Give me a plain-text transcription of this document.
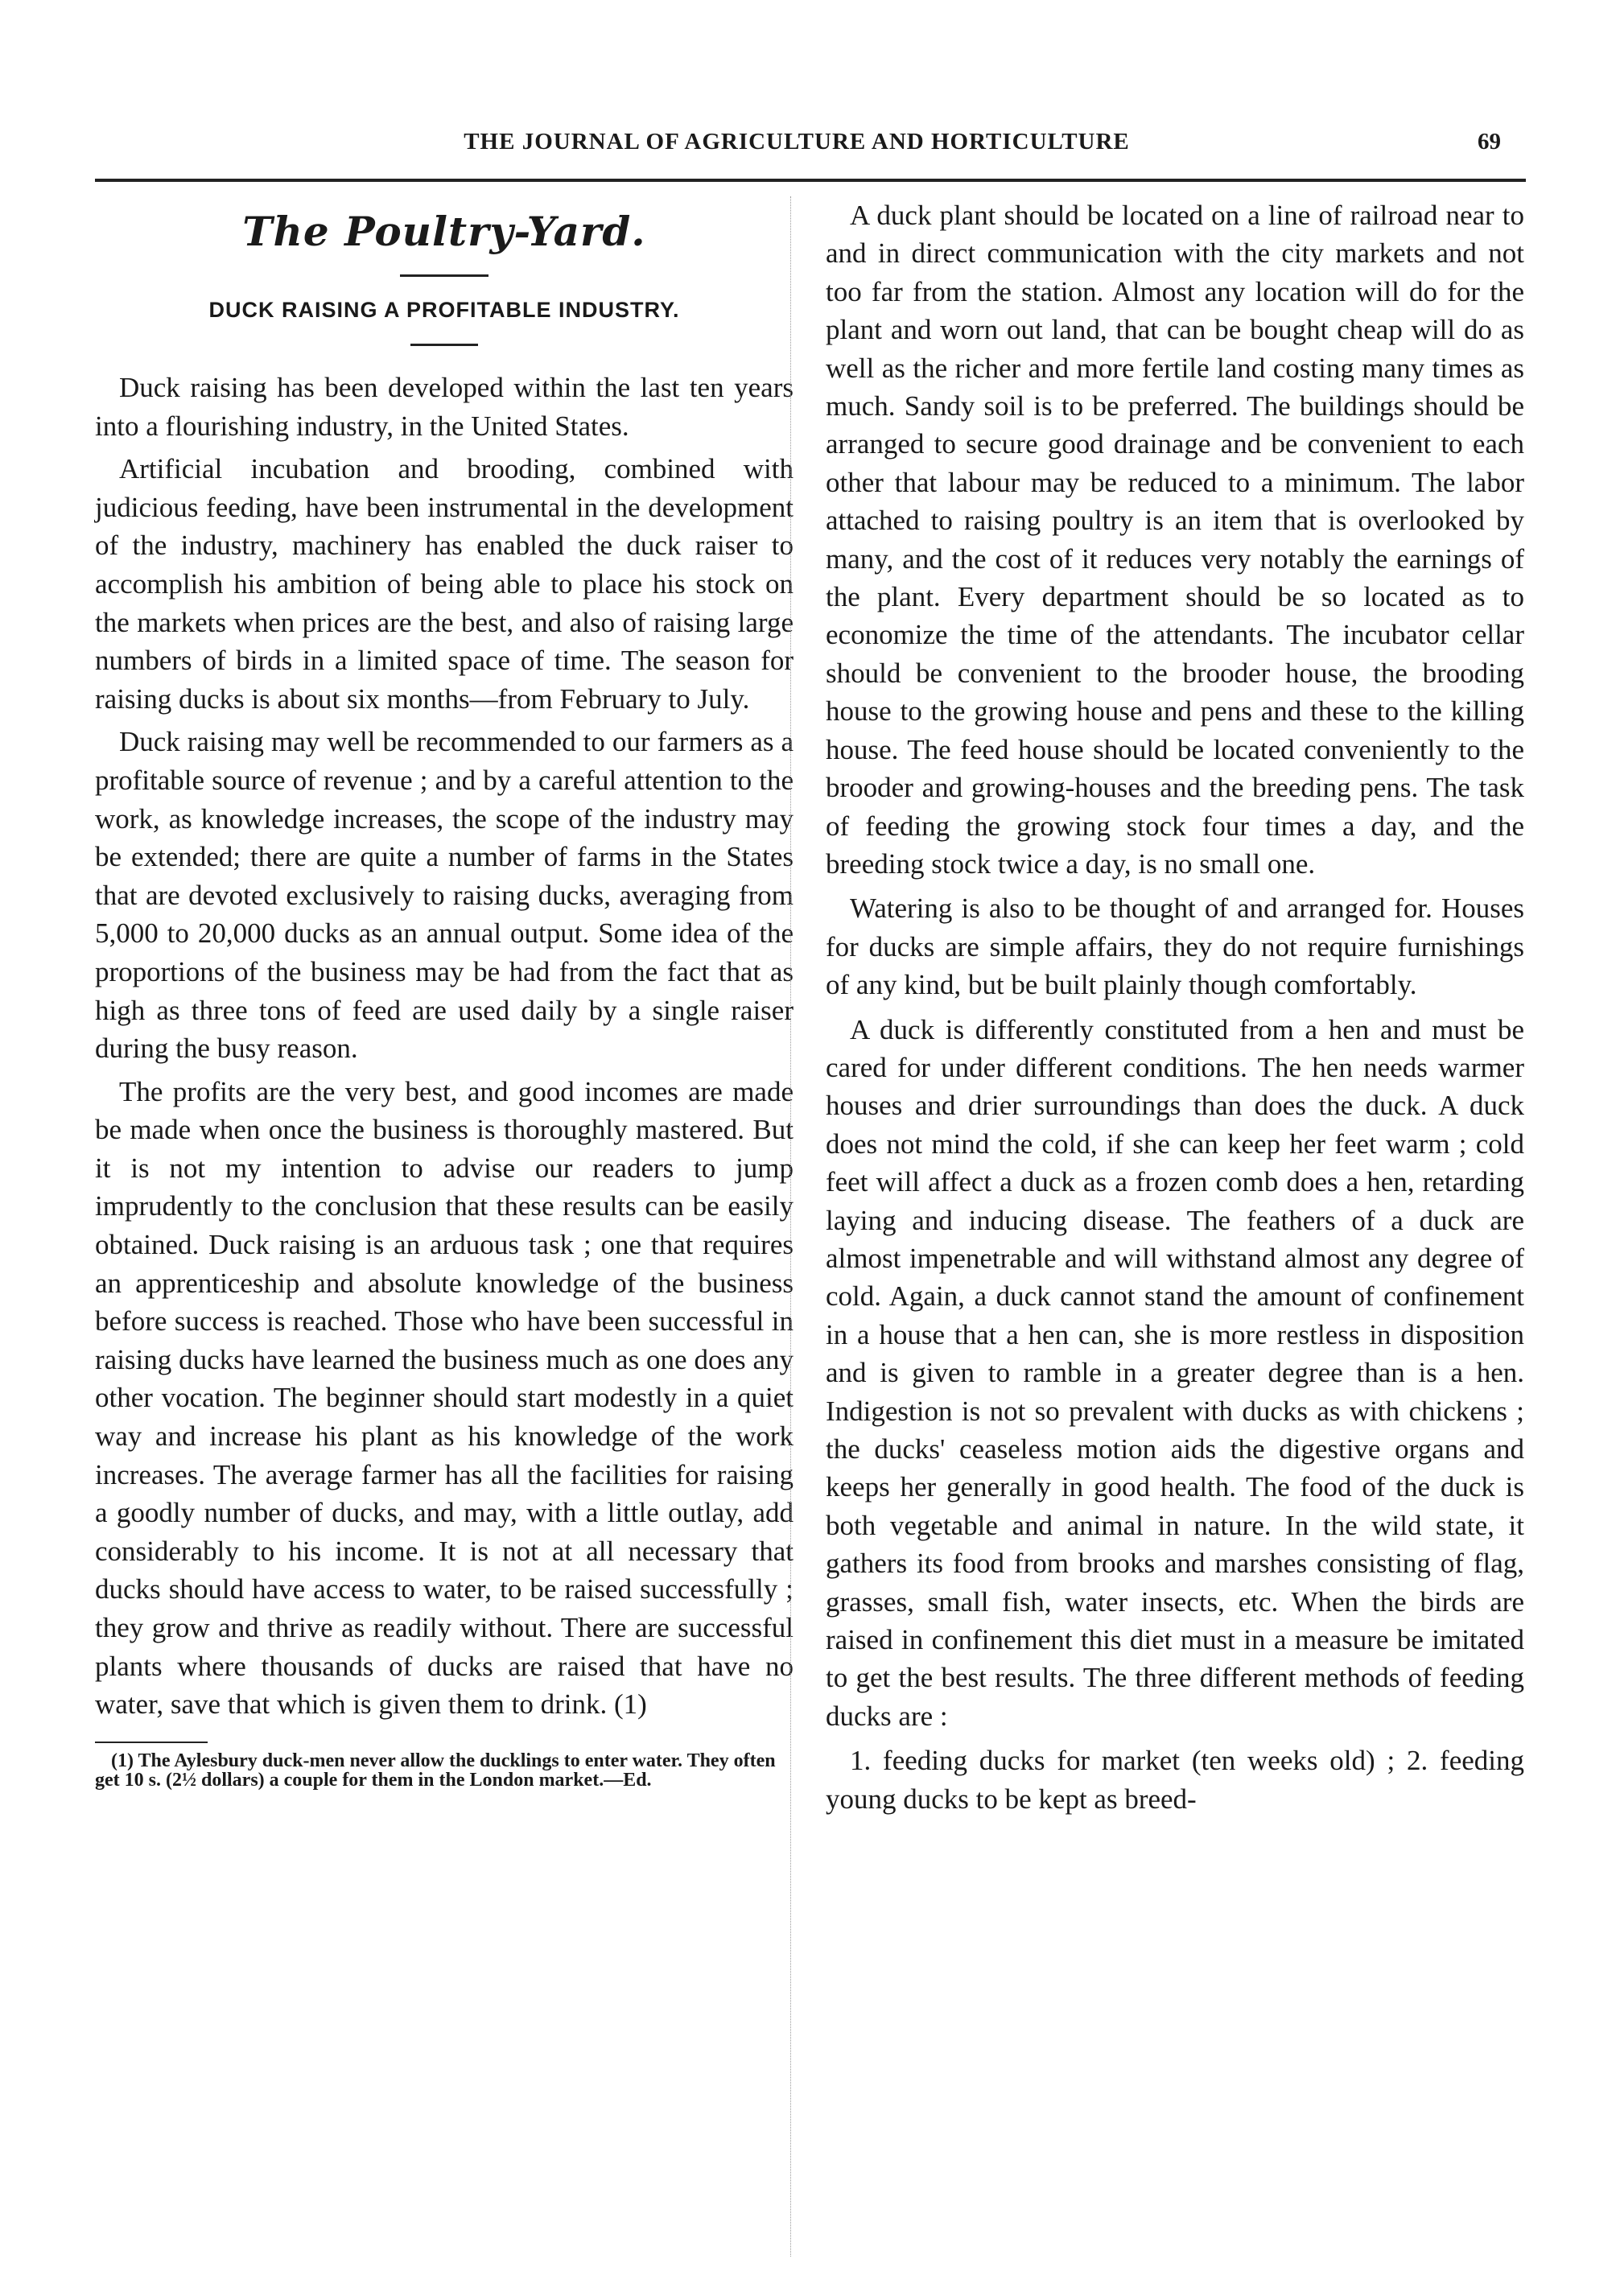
THE JOURNAL OF AGRICULTURE AND HORTICULTURE	69
The Poultry-Yard.
DUCK RAISING A PROFITABLE INDUSTRY.

Duck raising has been developed within the last ten years into a flourishing industry, in the United States.

Artificial incubation and brooding, combined with judicious feeding, have been instrumental in the development of the industry, machinery has enabled the duck raiser to accomplish his ambition of being able to place his stock on the markets when prices are the best, and also of raising large numbers of birds in a limited space of time. The season for raising ducks is about six months—from February to July.

Duck raising may well be recommended to our farmers as a profitable source of revenue ; and by a careful attention to the work, as knowledge increases, the scope of the industry may be extended; there are quite a number of farms in the States that are devoted exclusively to raising ducks, averaging from 5,000 to 20,000 ducks as an annual output. Some idea of the proportions of the business may be had from the fact that as high as three tons of feed are used daily by a single raiser during the busy reason.

The profits are the very best, and good incomes are made be made when once the business is thoroughly mastered. But it is not my intention to advise our readers to jump imprudently to the conclusion that these results can be easily obtained. Duck raising is an arduous task ; one that requires an apprenticeship and absolute knowledge of the business before success is reached. Those who have been successful in raising ducks have learned the business much as one does any other vocation. The beginner should start modestly in a quiet way and increase his plant as his knowledge of the work increases. The average farmer has all the facilities for raising a goodly number of ducks, and may, with a little outlay, add considerably to his income. It is not at all necessary that ducks should have access to water, to be raised successfully ; they grow and thrive as readily without. There are successful plants where thousands of ducks are raised that have no water, save that which is given them to drink. (1)

(1) The Aylesbury duck-men never allow the ducklings to enter water. They often get 10 s. (2½ dollars) a couple for them in the London market.—Ed.

A duck plant should be located on a line of railroad near to and in direct communication with the city markets and not too far from the station. Almost any location will do for the plant and worn out land, that can be bought cheap will do as well as the richer and more fertile land costing many times as much. Sandy soil is to be preferred. The buildings should be arranged to secure good drainage and be convenient to each other that labour may be reduced to a minimum. The labor attached to raising poultry is an item that is overlooked by many, and the cost of it reduces very notably the earnings of the plant. Every department should be so located as to economize the time of the attendants. The incubator cellar should be convenient to the brooder house, the brooding house to the growing house and pens and these to the killing house. The feed house should be located conveniently to the brooder and growing-houses and the breeding pens. The task of feeding the growing stock four times a day, and the breeding stock twice a day, is no small one.

Watering is also to be thought of and arranged for. Houses for ducks are simple affairs, they do not require furnishings of any kind, but be built plainly though comfortably.

A duck is differently constituted from a hen and must be cared for under different conditions. The hen needs warmer houses and drier surroundings than does the duck. A duck does not mind the cold, if she can keep her feet warm ; cold feet will affect a duck as a frozen comb does a hen, retarding laying and inducing disease. The feathers of a duck are almost impenetrable and will withstand almost any degree of cold. Again, a duck cannot stand the amount of confinement in a house that a hen can, she is more restless in disposition and is given to ramble in a greater degree than is a hen. Indigestion is not so prevalent with ducks as with chickens ; the ducks' ceaseless motion aids the digestive organs and keeps her generally in good health. The food of the duck is both vegetable and animal in nature. In the wild state, it gathers its food from brooks and marshes consisting of flag, grasses, small fish, water insects, etc. When the birds are raised in confinement this diet must in a measure be imitated to get the best results. The three different methods of feeding ducks are :

1. feeding ducks for market (ten weeks old) ; 2. feeding young ducks to be kept as breed-
